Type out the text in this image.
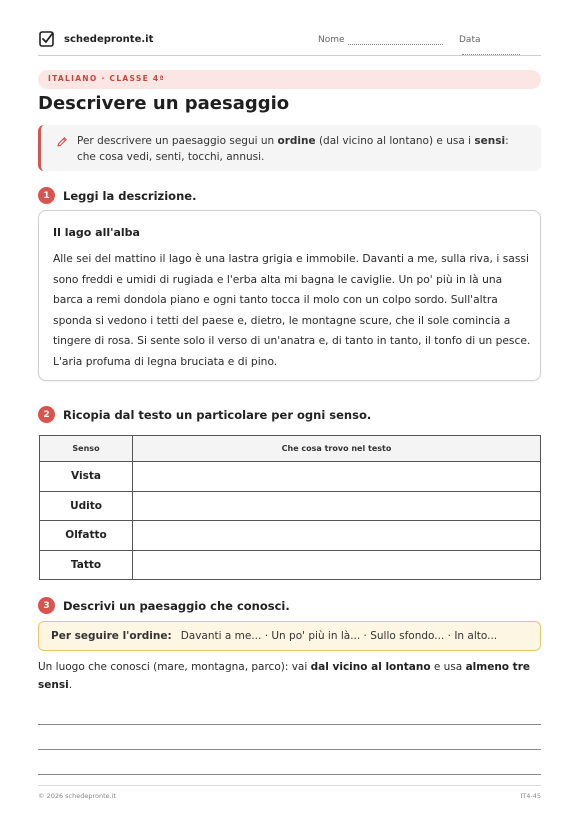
schedepronte.it	Nome	Data
ITALIANO · CLASSE 4ª
Descrivere un paesaggio
Per descrivere un paesaggio segui un ordine (dal vicino al lontano) e usa i sensi: che cosa vedi, senti, tocchi, annusi.
1	Leggi la descrizione.
Il lago all'alba
Alle sei del mattino il lago è una lastra grigia e immobile. Davanti a me, sulla riva, i sassi sono freddi e umidi di rugiada e l'erba alta mi bagna le caviglie. Un po' più in là una barca a remi dondola piano e ogni tanto tocca il molo con un colpo sordo. Sull'altra sponda si vedono i tetti del paese e, dietro, le montagne scure, che il sole comincia a tingere di rosa. Si sente solo il verso di un'anatra e, di tanto in tanto, il tonfo di un pesce. L'aria profuma di legna bruciata e di pino.
2	Ricopia dal testo un particolare per ogni senso.
Senso	Che cosa trovo nel testo
Vista	
Udito	
Olfatto	
Tatto	
3	Descrivi un paesaggio che conosci.
Per seguire l'ordine: Davanti a me... · Un po' più in là... · Sullo sfondo... · In alto...
Un luogo che conosci (mare, montagna, parco): vai dal vicino al lontano e usa almeno tre sensi.
© 2026 schedepronte.it	IT4-45
